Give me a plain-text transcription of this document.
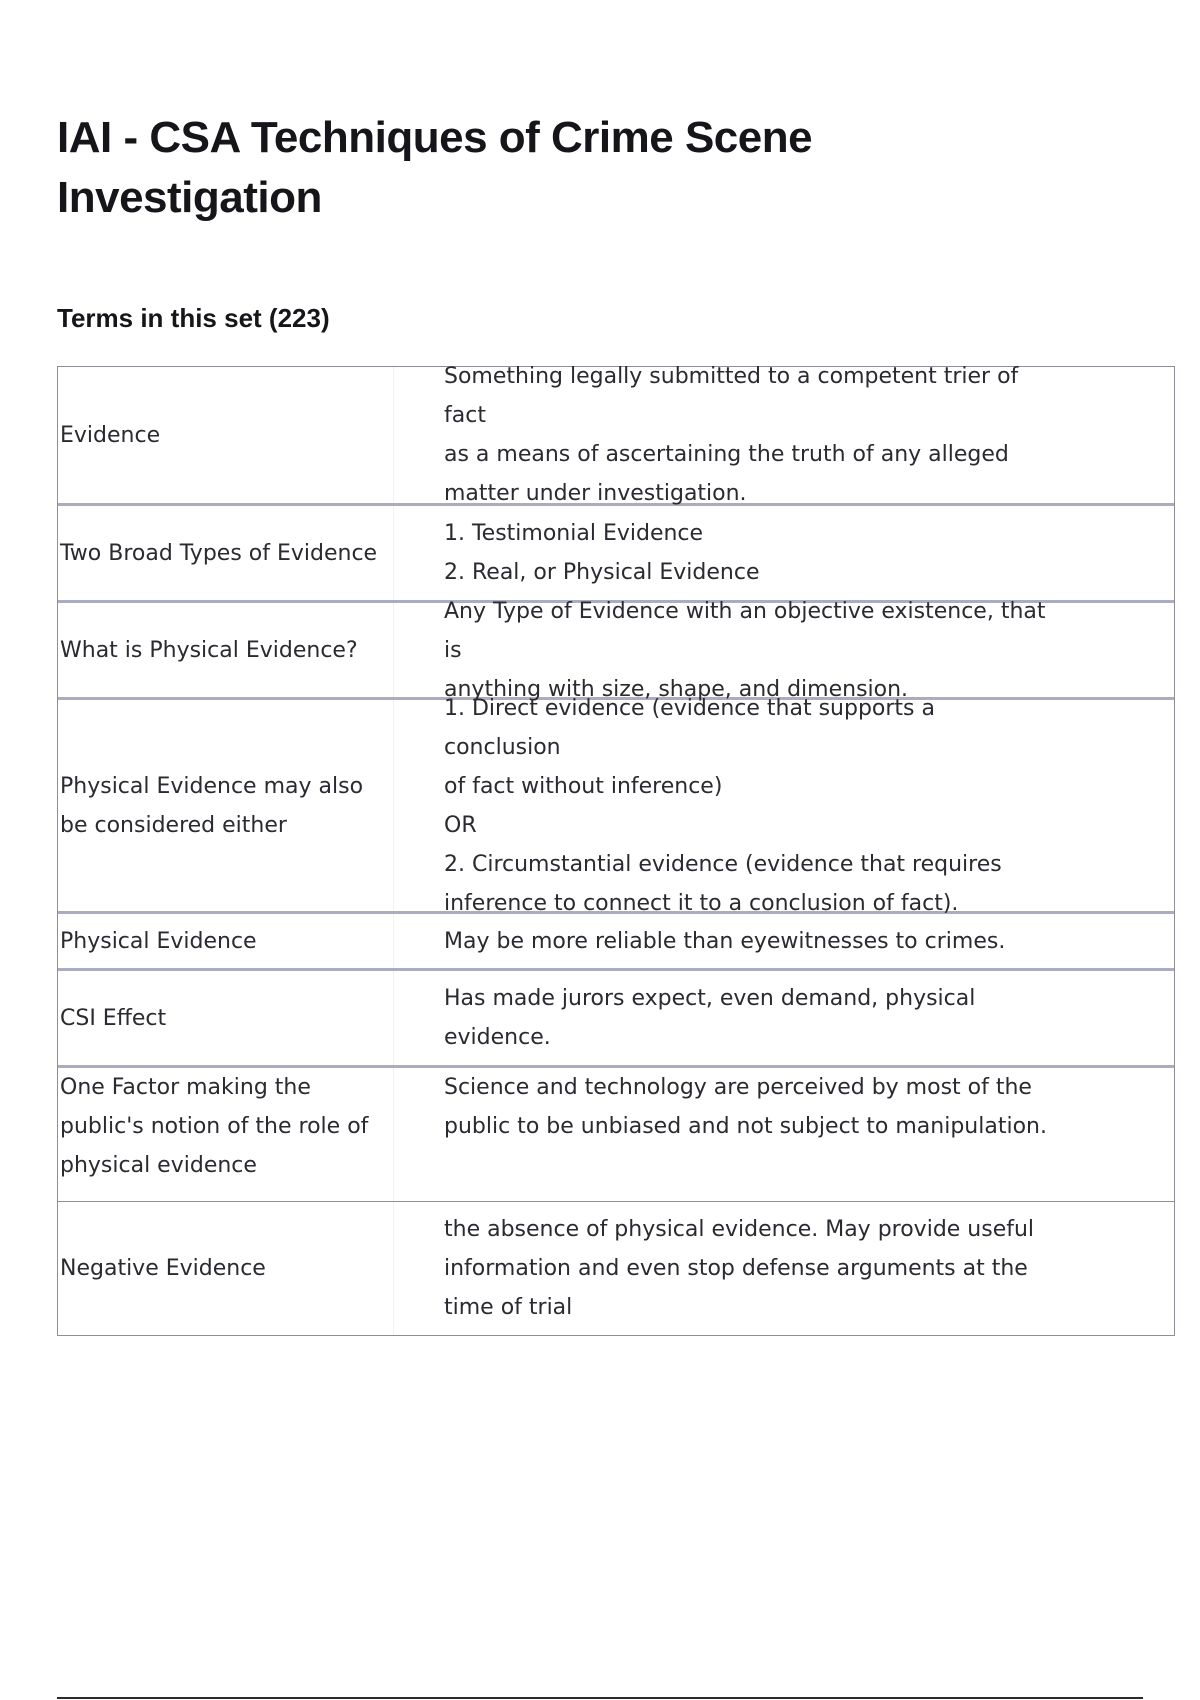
IAI - CSA Techniques of Crime Scene Investigation
Terms in this set (223)
Evidence
Something legally submitted to a competent trier of fact
as a means of ascertaining the truth of any alleged
matter under investigation.
Two Broad Types of Evidence
1. Testimonial Evidence
2. Real, or Physical Evidence
What is Physical Evidence?
Any Type of Evidence with an objective existence, that is
anything with size, shape, and dimension.
Physical Evidence may also be considered either
1. Direct evidence (evidence that supports a conclusion
of fact without inference)
OR
2. Circumstantial evidence (evidence that requires
inference to connect it to a conclusion of fact).
Physical Evidence	May be more reliable than eyewitnesses to crimes.
CSI Effect
Has made jurors expect, even demand, physical
evidence.
One Factor making the public's notion of the role of physical evidence
Science and technology are perceived by most of the
public to be unbiased and not subject to manipulation.
Negative Evidence
the absence of physical evidence. May provide useful
information and even stop defense arguments at the
time of trial
